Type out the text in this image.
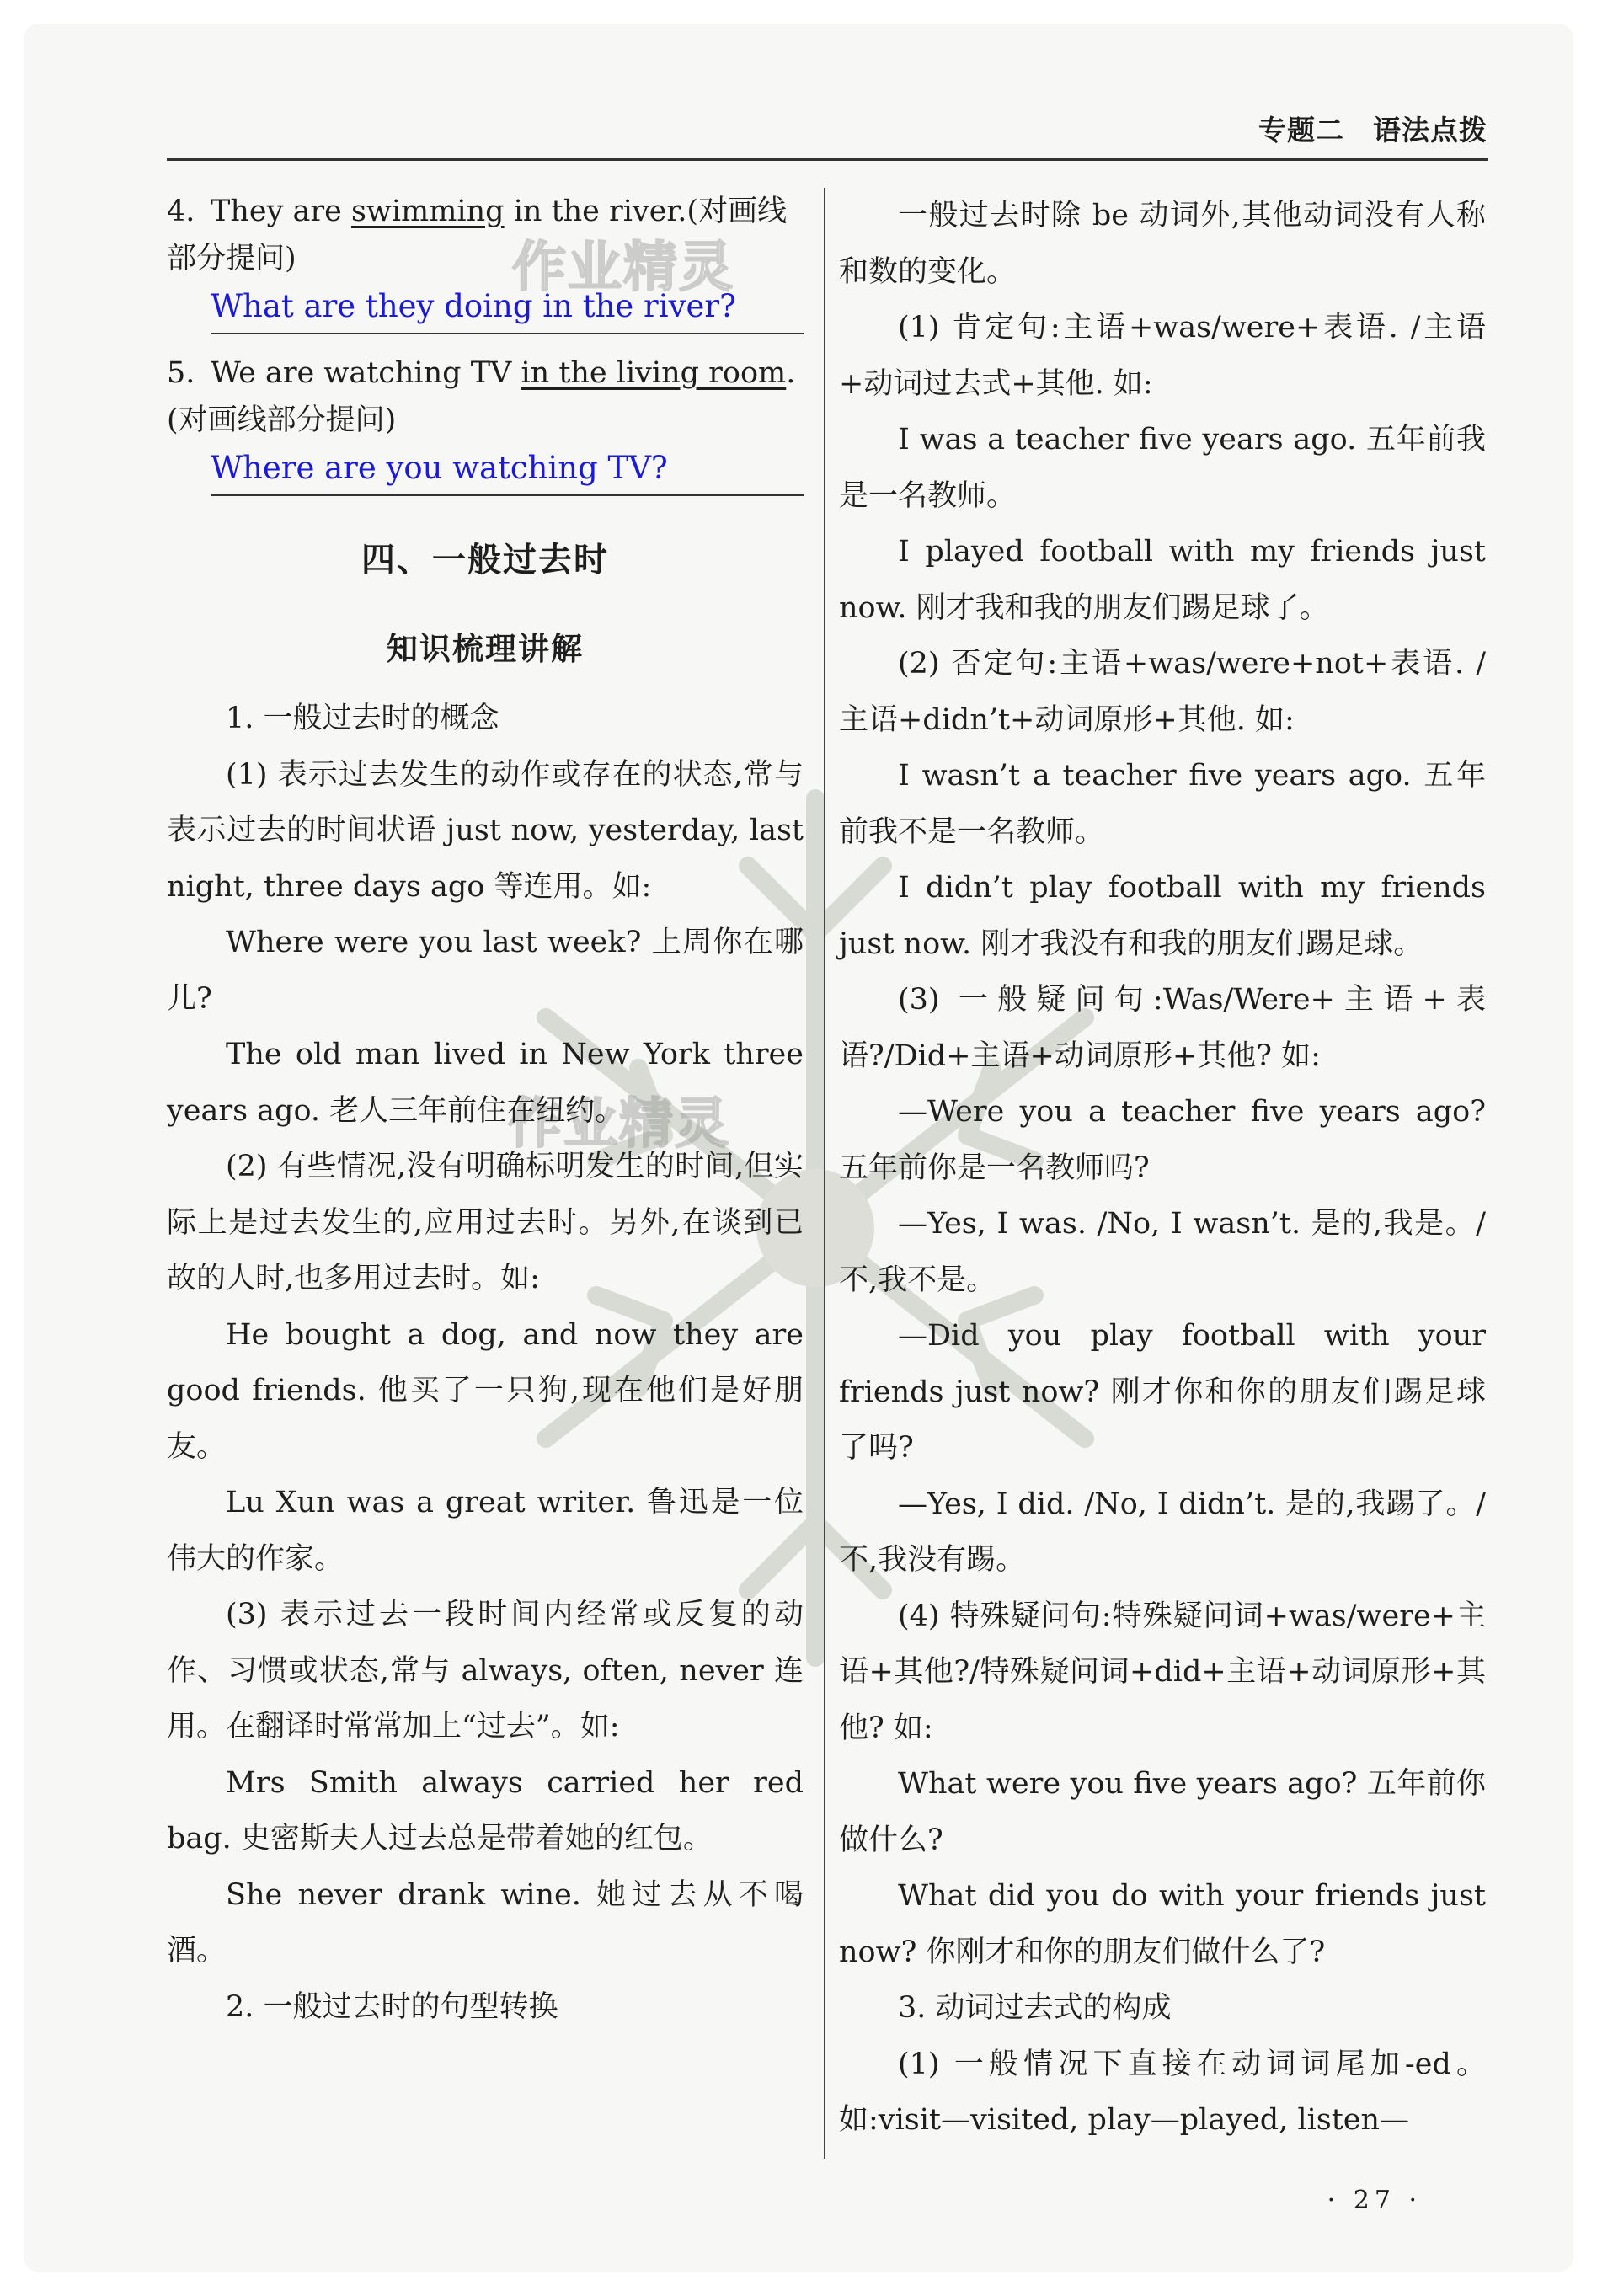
作业精灵
作业精灵
专题二　语法点拨

4. They are swimming in the river.(对画线

部分提问)

What are they doing in the river?

5. We are watching TV in the living room.

(对画线部分提问)

Where are you watching TV?
四、一般过去时
知识梳理讲解

1. 一般过去时的概念

(1) 表示过去发生的动作或存在的状态,常与表示过去的时间状语 just now, yesterday, last night, three days ago 等连用。如:

Where were you last week? 上周你在哪儿?

The old man lived in New York three years ago. 老人三年前住在纽约。

(2) 有些情况,没有明确标明发生的时间,但实际上是过去发生的,应用过去时。另外,在谈到已故的人时,也多用过去时。如:

He bought a dog, and now they are good friends. 他买了一只狗,现在他们是好朋友。

Lu Xun was a great writer. 鲁迅是一位伟大的作家。

(3) 表示过去一段时间内经常或反复的动作、习惯或状态,常与 always, often, never 连用。在翻译时常常加上“过去”。如:

Mrs Smith always carried her red bag. 史密斯夫人过去总是带着她的红包。

She never drank wine. 她过去从不喝酒。

2. 一般过去时的句型转换

一般过去时除 be 动词外,其他动词没有人称和数的变化。

(1) 肯定句:主语+was/were+表语. /主语+动词过去式+其他. 如:

I was a teacher five years ago. 五年前我是一名教师。

I played football with my friends just now. 刚才我和我的朋友们踢足球了。

(2) 否定句:主语+was/were+not+表语. /主语+didn’t+动词原形+其他. 如:

I wasn’t a teacher five years ago. 五年前我不是一名教师。

I didn’t play football with my friends just now. 刚才我没有和我的朋友们踢足球。

(3) 一般疑问句:Was/Were+主语+表语?/Did+主语+动词原形+其他? 如:

—Were you a teacher five years ago? 五年前你是一名教师吗?

—Yes, I was. /No, I wasn’t. 是的,我是。/不,我不是。

—Did you play football with your friends just now? 刚才你和你的朋友们踢足球了吗?

—Yes, I did. /No, I didn’t. 是的,我踢了。/不,我没有踢。

(4) 特殊疑问句:特殊疑问词+was/were+主语+其他?/特殊疑问词+did+主语+动词原形+其他? 如:

What were you five years ago? 五年前你做什么?

What did you do with your friends just now? 你刚才和你的朋友们做什么了?

3. 动词过去式的构成

(1) 一般情况下直接在动词词尾加-ed。如:visit—visited, play—played, listen—

· 27 ·
